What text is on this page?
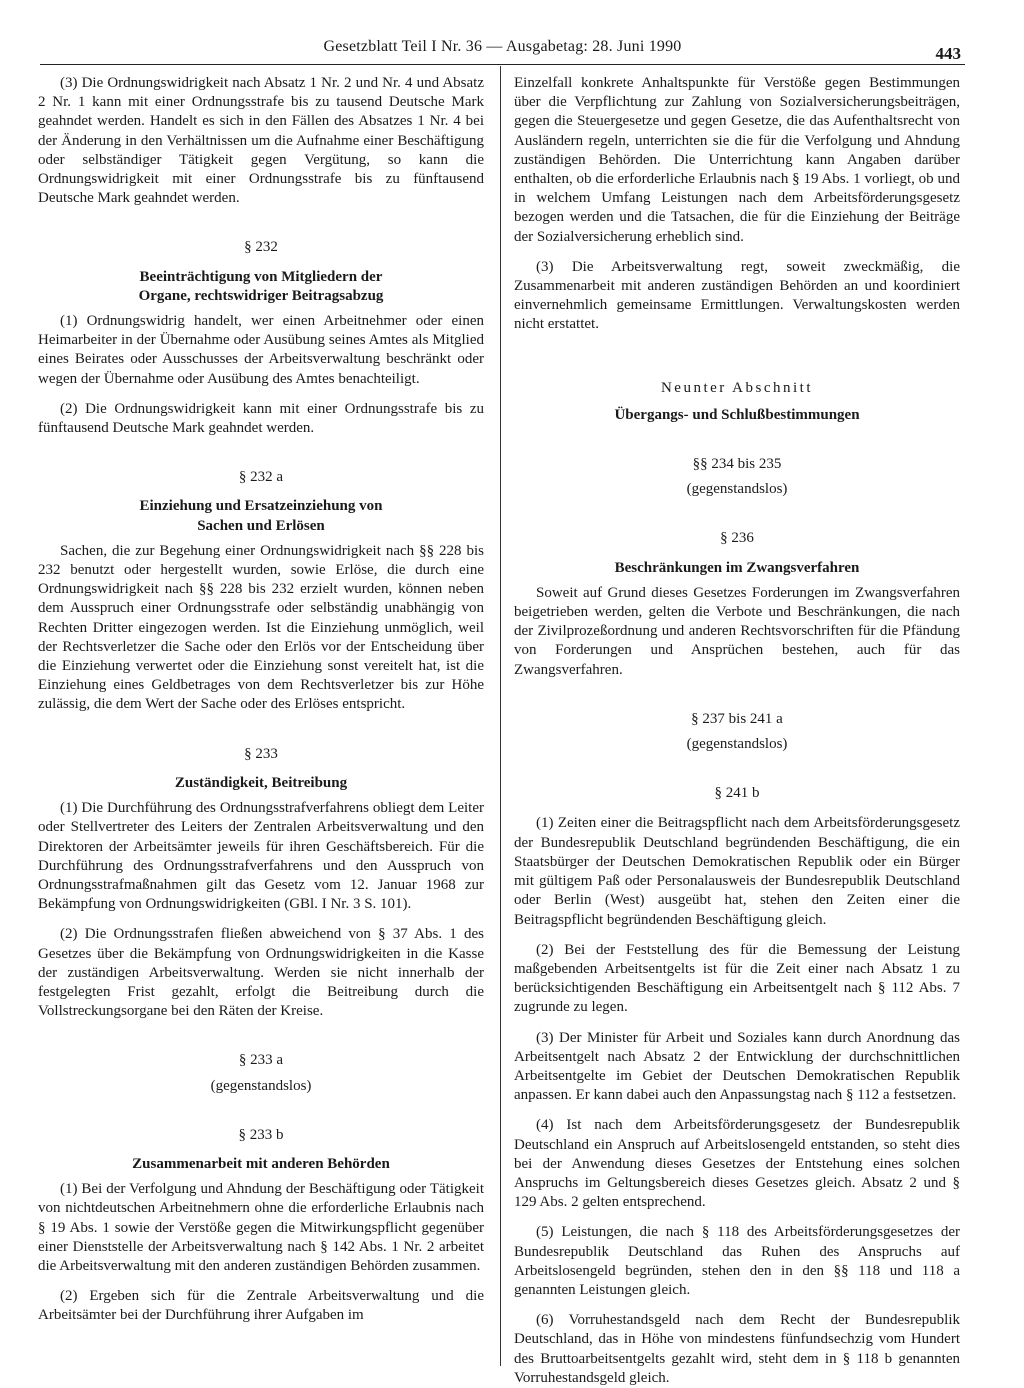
Gesetzblatt Teil I Nr. 36 — Ausgabetag: 28. Juni 1990	443

(3) Die Ordnungswidrigkeit nach Absatz 1 Nr. 2 und Nr. 4 und Absatz 2 Nr. 1 kann mit einer Ordnungsstrafe bis zu tausend Deutsche Mark geahndet werden. Handelt es sich in den Fällen des Absatzes 1 Nr. 4 bei der Änderung in den Verhältnissen um die Aufnahme einer Beschäftigung oder selbständiger Tätigkeit gegen Vergütung, so kann die Ordnungswidrigkeit mit einer Ordnungsstrafe bis zu fünftausend Deutsche Mark geahndet werden.

§ 232
Beeinträchtigung von Mitgliedern der
Organe, rechtswidriger Beitragsabzug

(1) Ordnungswidrig handelt, wer einen Arbeitnehmer oder einen Heimarbeiter in der Übernahme oder Ausübung seines Amtes als Mitglied eines Beirates oder Ausschusses der Arbeitsverwaltung beschränkt oder wegen der Übernahme oder Ausübung des Amtes benachteiligt.

(2) Die Ordnungswidrigkeit kann mit einer Ordnungsstrafe bis zu fünftausend Deutsche Mark geahndet werden.

§ 232 a
Einziehung und Ersatzeinziehung von
Sachen und Erlösen

Sachen, die zur Begehung einer Ordnungswidrigkeit nach §§ 228 bis 232 benutzt oder hergestellt wurden, sowie Erlöse, die durch eine Ordnungswidrigkeit nach §§ 228 bis 232 erzielt wurden, können neben dem Ausspruch einer Ordnungsstrafe oder selbständig unabhängig von Rechten Dritter eingezogen werden. Ist die Einziehung unmöglich, weil der Rechtsverletzer die Sache oder den Erlös vor der Entscheidung über die Einziehung verwertet oder die Einziehung sonst vereitelt hat, ist die Einziehung eines Geldbetrages von dem Rechtsverletzer bis zur Höhe zulässig, die dem Wert der Sache oder des Erlöses entspricht.

§ 233
Zuständigkeit, Beitreibung

(1) Die Durchführung des Ordnungsstrafverfahrens obliegt dem Leiter oder Stellvertreter des Leiters der Zentralen Arbeitsverwaltung und den Direktoren der Arbeitsämter jeweils für ihren Geschäftsbereich. Für die Durchführung des Ordnungsstrafverfahrens und den Ausspruch von Ordnungsstrafmaßnahmen gilt das Gesetz vom 12. Januar 1968 zur Bekämpfung von Ordnungswidrigkeiten (GBl. I Nr. 3 S. 101).

(2) Die Ordnungsstrafen fließen abweichend von § 37 Abs. 1 des Gesetzes über die Bekämpfung von Ordnungswidrigkeiten in die Kasse der zuständigen Arbeitsverwaltung. Werden sie nicht innerhalb der festgelegten Frist gezahlt, erfolgt die Beitreibung durch die Vollstreckungsorgane bei den Räten der Kreise.

§ 233 a
(gegenstandslos)
§ 233 b
Zusammenarbeit mit anderen Behörden

(1) Bei der Verfolgung und Ahndung der Beschäftigung oder Tätigkeit von nichtdeutschen Arbeitnehmern ohne die erforderliche Erlaubnis nach § 19 Abs. 1 sowie der Verstöße gegen die Mitwirkungspflicht gegenüber einer Dienststelle der Arbeitsverwaltung nach § 142 Abs. 1 Nr. 2 arbeitet die Arbeitsverwaltung mit den anderen zuständigen Behörden zusammen.

(2) Ergeben sich für die Zentrale Arbeitsverwaltung und die Arbeitsämter bei der Durchführung ihrer Aufgaben im

Einzelfall konkrete Anhaltspunkte für Verstöße gegen Bestimmungen über die Verpflichtung zur Zahlung von Sozialversicherungsbeiträgen, gegen die Steuergesetze und gegen Gesetze, die das Aufenthaltsrecht von Ausländern regeln, unterrichten sie die für die Verfolgung und Ahndung zuständigen Behörden. Die Unterrichtung kann Angaben darüber enthalten, ob die erforderliche Erlaubnis nach § 19 Abs. 1 vorliegt, ob und in welchem Umfang Leistungen nach dem Arbeitsförderungsgesetz bezogen werden und die Tatsachen, die für die Einziehung der Beiträge der Sozialversicherung erheblich sind.

(3) Die Arbeitsverwaltung regt, soweit zweckmäßig, die Zusammenarbeit mit anderen zuständigen Behörden an und koordiniert einvernehmlich gemeinsame Ermittlungen. Verwaltungskosten werden nicht erstattet.

Neunter Abschnitt
Übergangs- und Schlußbestimmungen
§§ 234 bis 235
(gegenstandslos)
§ 236
Beschränkungen im Zwangsverfahren

Soweit auf Grund dieses Gesetzes Forderungen im Zwangsverfahren beigetrieben werden, gelten die Verbote und Beschränkungen, die nach der Zivilprozeßordnung und anderen Rechtsvorschriften für die Pfändung von Forderungen und Ansprüchen bestehen, auch für das Zwangsverfahren.

§ 237 bis 241 a
(gegenstandslos)
§ 241 b

(1) Zeiten einer die Beitragspflicht nach dem Arbeitsförderungsgesetz der Bundesrepublik Deutschland begründenden Beschäftigung, die ein Staatsbürger der Deutschen Demokratischen Republik oder ein Bürger mit gültigem Paß oder Personalausweis der Bundesrepublik Deutschland oder Berlin (West) ausgeübt hat, stehen den Zeiten einer die Beitragspflicht begründenden Beschäftigung gleich.

(2) Bei der Feststellung des für die Bemessung der Leistung maßgebenden Arbeitsentgelts ist für die Zeit einer nach Absatz 1 zu berücksichtigenden Beschäftigung ein Arbeitsentgelt nach § 112 Abs. 7 zugrunde zu legen.

(3) Der Minister für Arbeit und Soziales kann durch Anordnung das Arbeitsentgelt nach Absatz 2 der Entwicklung der durchschnittlichen Arbeitsentgelte im Gebiet der Deutschen Demokratischen Republik anpassen. Er kann dabei auch den Anpassungstag nach § 112 a festsetzen.

(4) Ist nach dem Arbeitsförderungsgesetz der Bundesrepublik Deutschland ein Anspruch auf Arbeitslosengeld entstanden, so steht dies bei der Anwendung dieses Gesetzes der Entstehung eines solchen Anspruchs im Geltungsbereich dieses Gesetzes gleich. Absatz 2 und § 129 Abs. 2 gelten entsprechend.

(5) Leistungen, die nach § 118 des Arbeitsförderungsgesetzes der Bundesrepublik Deutschland das Ruhen des Anspruchs auf Arbeitslosengeld begründen, stehen den in den §§ 118 und 118 a genannten Leistungen gleich.

(6) Vorruhestandsgeld nach dem Recht der Bundesrepublik Deutschland, das in Höhe von mindestens fünfundsechzig vom Hundert des Bruttoarbeitsentgelts gezahlt wird, steht dem in § 118 b genannten Vorruhestandsgeld gleich.
